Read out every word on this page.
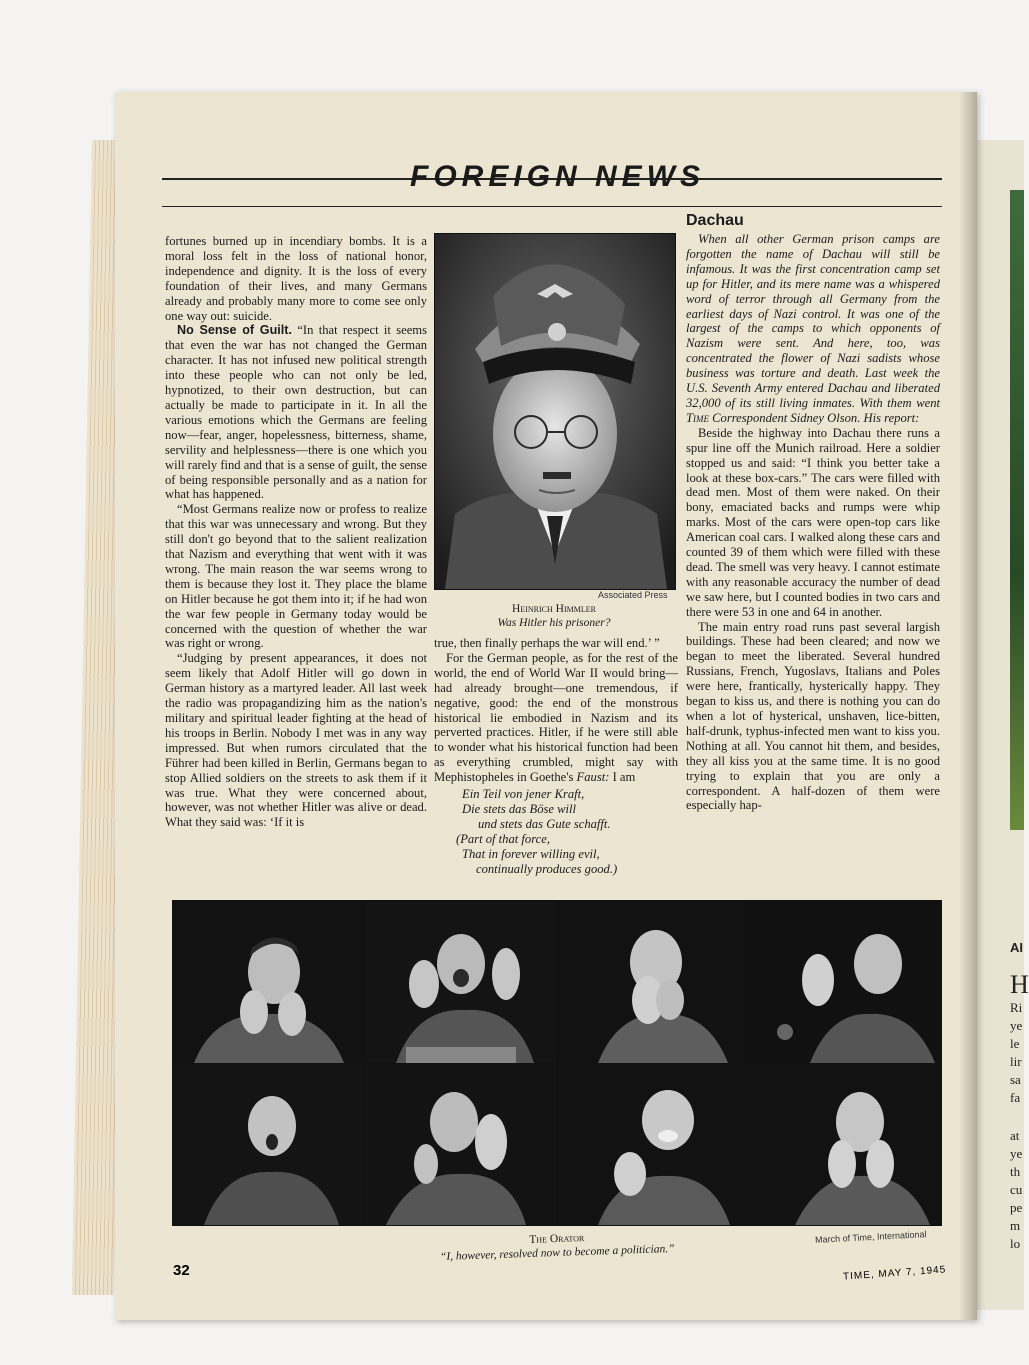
AI
H
Ri
ye
le
lir
sa
fa
at
ye
th
cu
pe
m
lo
FOREIGN NEWS

fortunes burned up in incendiary bombs. It is a moral loss felt in the loss of national honor, independence and dignity. It is the loss of every foundation of their lives, and many Germans already and probably many more to come see only one way out: suicide.

No Sense of Guilt. “In that respect it seems that even the war has not changed the German character. It has not infused new political strength into these people who can not only be led, hypnotized, to their own destruction, but can actually be made to participate in it. In all the various emotions which the Germans are feeling now—fear, anger, hopelessness, bitterness, shame, servility and helplessness—there is one which you will rarely find and that is a sense of guilt, the sense of being responsible personally and as a nation for what has happened.

“Most Germans realize now or profess to realize that this war was unnecessary and wrong. But they still don't go beyond that to the salient realization that Nazism and everything that went with it was wrong. The main reason the war seems wrong to them is because they lost it. They place the blame on Hitler because he got them into it; if he had won the war few people in Germany today would be concerned with the question of whether the war was right or wrong.

“Judging by present appearances, it does not seem likely that Adolf Hitler will go down in German history as a martyred leader. All last week the radio was propagandizing him as the nation's military and spiritual leader fighting at the head of his troops in Berlin. Nobody I met was in any way impressed. But when rumors circulated that the Führer had been killed in Berlin, Germans began to stop Allied soldiers on the streets to ask them if it was true. What they were concerned about, however, was not whether Hitler was alive or dead. What they said was: ‘If it is

Associated Press
Heinrich Himmler
Was Hitler his prisoner?

true, then finally perhaps the war will end.’ ”

For the German people, as for the rest of the world, the end of World War II would bring—had already brought—one tremendous, if negative, good: the end of the monstrous historical lie embodied in Nazism and its perverted practices. Hitler, if he were still able to wonder what his historical function had been as everything crumbled, might say with Mephistopheles in Goethe's Faust: I am

Ein Teil von jener Kraft,
Die stets das Böse will
und stets das Gute schafft.
(Part of that force,
That in forever willing evil,
continually produces good.)
Dachau

When all other German prison camps are forgotten the name of Dachau will still be infamous. It was the first concentration camp set up for Hitler, and its mere name was a whispered word of terror through all Germany from the earliest days of Nazi control. It was one of the largest of the camps to which opponents of Nazism were sent. And here, too, was concentrated the flower of Nazi sadists whose business was torture and death. Last week the U.S. Seventh Army entered Dachau and liberated 32,000 of its still living inmates. With them went Time Correspondent Sidney Olson. His report:

Beside the highway into Dachau there runs a spur line off the Munich railroad. Here a soldier stopped us and said: “I think you better take a look at these box-cars.” The cars were filled with dead men. Most of them were naked. On their bony, emaciated backs and rumps were whip marks. Most of the cars were open-top cars like American coal cars. I walked along these cars and counted 39 of them which were filled with these dead. The smell was very heavy. I cannot estimate with any reasonable accuracy the number of dead we saw here, but I counted bodies in two cars and there were 53 in one and 64 in another.

The main entry road runs past several largish buildings. These had been cleared; and now we began to meet the liberated. Several hundred Russians, French, Yugoslavs, Italians and Poles were here, frantically, hysterically happy. They began to kiss us, and there is nothing you can do when a lot of hysterical, unshaven, lice-bitten, half-drunk, typhus-infected men want to kiss you. Nothing at all. You cannot hit them, and besides, they all kiss you at the same time. It is no good trying to explain that you are only a correspondent. A half-dozen of them were especially hap-

March of Time, International
The Orator
“I, however, resolved now to become a politician.”
32	TIME, MAY 7, 1945
